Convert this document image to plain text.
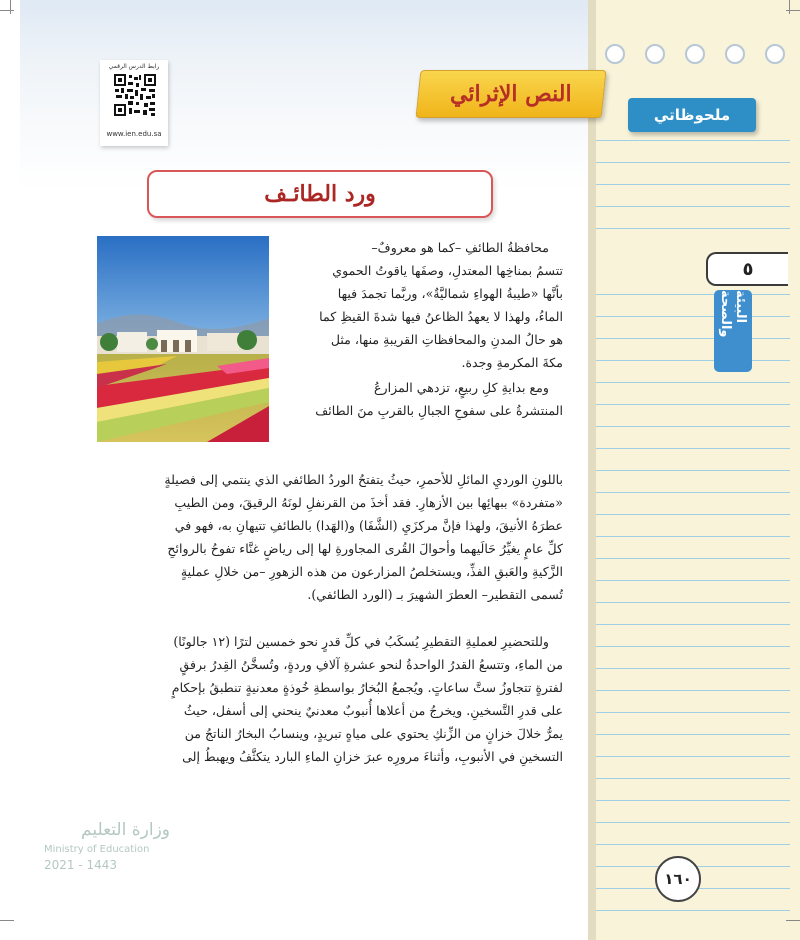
ملحوظاتي
٥
البيئة والصحة
رابط الدرس الرقمي
www.ien.edu.sa
النص الإثرائي
ورد الطائـف

محافظةُ الطائفِ –كما هو معروفٌ–

تتسمُ بمناخِها المعتدلِ، وصفَها ياقوتُ الحموي

بأنَّها «طيبةُ الهواءِ شماليَّةٌ»، وربَّما تجمدَ فيها

الماءُ، ولهذا لا يعهدُ الظاعنُ فيها شدةَ القيظِ كما

هو حالُ المدنِ والمحافظاتِ القريبةِ منها، مثل

مكةَ المكرمةِ وجدة.

ومع بدايةِ كلِ ربيعٍ، تزدهي المزارعُ

المنتشرةُ على سفوحِ الجبالِ بالقربِ منَ الطائف

باللونِ الورديِ المائلِ للأحمرِ، حيثُ يتفتحُ الوردُ الطائفي الذي ينتمي إلى فصيلةٍ

«متفردة» ببهائِها بين الأزهارِ. فقد أخذَ من القرنفلِ لونَهُ الرقيقَ، ومن الطيبِ

عطرَهُ الأنيقَ، ولهذا فإنَّ مركزَيِ (الشَّفَا) و(الهَدا) بالطائفِ تتيهانِ به، فهو في

كلِّ عامٍ يغيِّرُ حَالَيهما وأحوالَ القُرى المجاورةِ لها إلى رياضٍ غنَّاء تفوحُ بالروائحِ

الزَّكيةِ والعَبقِ الفذِّ، ويستخلصُ المزارعون من هذه الزهورِ –من خلالِ عمليةٍ

تُسمى التقطير– العطرَ الشهيرَ بـ (الورد الطائفي).

وللتحضيرِ لعمليةِ التقطيرِ يُسكَبُ في كلِّ قدرٍ نحو خمسين لترًا (١٢ جالونًا)

من الماءِ، وتتسعُ القدرُ الواحدةُ لنحو عشرةِ آلافِ وردةٍ، وتُسخَّنُ القِدرُ برفقٍ

لفترةٍ تتجاوزُ ستَّ ساعاتٍ. ويُجمعُ البُخارُ بواسطةِ خُوذةٍ معدنيةٍ تنطبقُ بإحكامٍ

على قدرِ التَّسخينِ. ويخرجُ من أعلاها أُنبوبٌ معدنيٌ ينحني إلى أسفل، حيثُ

يمرُّ خلالَ خزانٍ من الزِّنكِ يحتوي على مياهٍ تبريدٍ، وينسابُ البخارُ الناتجُ من

التسخينِ في الأنبوبِ، وأثناءَ مرورِه عبرَ خزانِ الماءِ البارد يتكثَّفُ ويهبطُ إلى

وزارة التعليم
Ministry of Education
2021 - 1443
١٦٠
